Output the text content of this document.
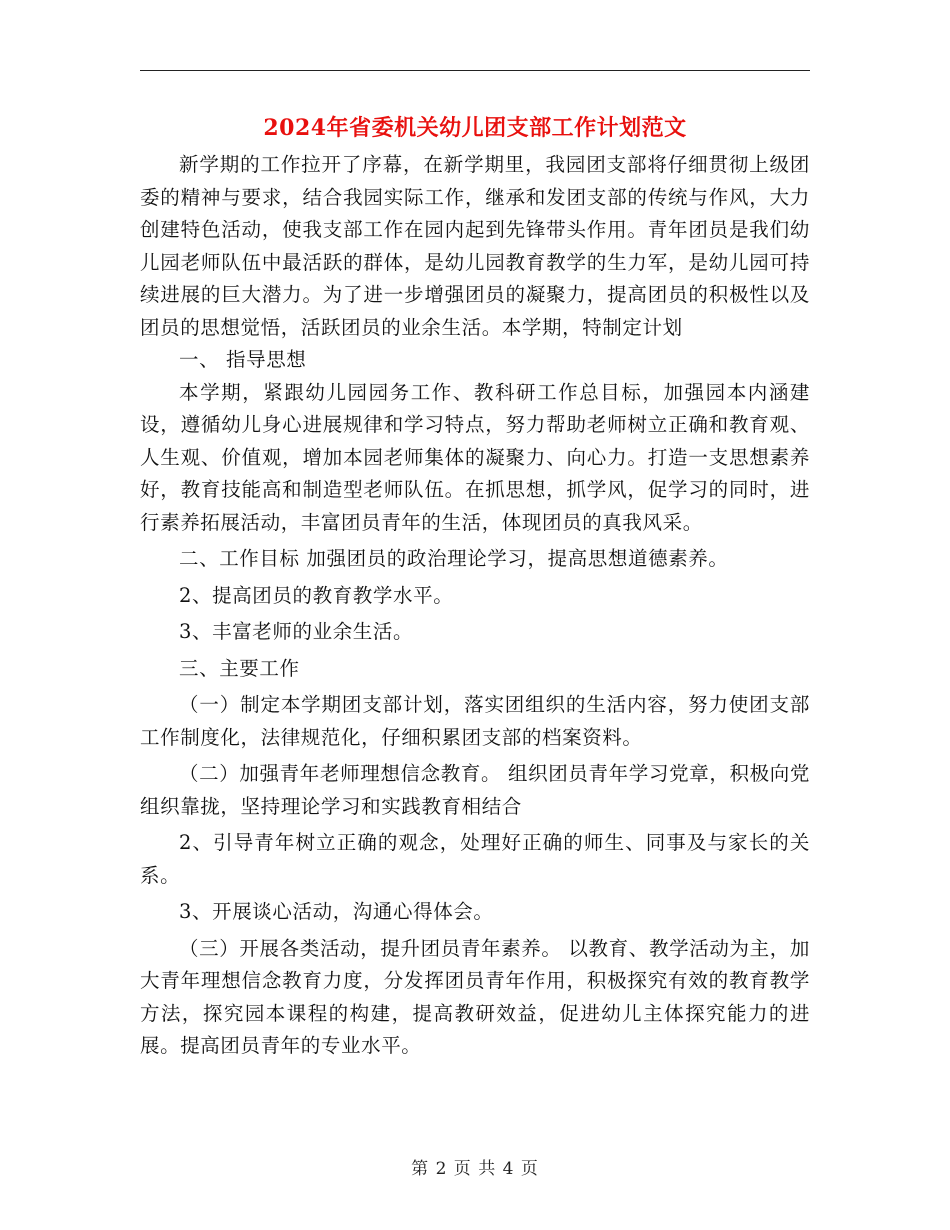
2024年省委机关幼儿团支部工作计划范文

新学期的工作拉开了序幕，在新学期里，我园团支部将仔细贯彻上级团委的精神与要求，结合我园实际工作，继承和发团支部的传统与作风，大力创建特色活动，使我支部工作在园内起到先锋带头作用。青年团员是我们幼儿园老师队伍中最活跃的群体，是幼儿园教育教学的生力军，是幼儿园可持续进展的巨大潜力。为了进一步增强团员的凝聚力，提高团员的积极性以及团员的思想觉悟，活跃团员的业余生活。本学期，特制定计划

一、 指导思想

本学期，紧跟幼儿园园务工作、教科研工作总目标，加强园本内涵建设，遵循幼儿身心进展规律和学习特点，努力帮助老师树立正确和教育观、人生观、价值观，增加本园老师集体的凝聚力、向心力。打造一支思想素养好，教育技能高和制造型老师队伍。在抓思想，抓学风，促学习的同时，进行素养拓展活动，丰富团员青年的生活，体现团员的真我风采。

二、工作目标 加强团员的政治理论学习，提高思想道德素养。

2、提高团员的教育教学水平。

3、丰富老师的业余生活。

三、主要工作

（一）制定本学期团支部计划，落实团组织的生活内容，努力使团支部工作制度化，法律规范化，仔细积累团支部的档案资料。

（二）加强青年老师理想信念教育。 组织团员青年学习党章，积极向党组织靠拢，坚持理论学习和实践教育相结合

2、引导青年树立正确的观念，处理好正确的师生、同事及与家长的关系。

3、开展谈心活动，沟通心得体会。

（三）开展各类活动，提升团员青年素养。 以教育、教学活动为主，加大青年理想信念教育力度，分发挥团员青年作用，积极探究有效的教育教学方法，探究园本课程的构建，提高教研效益，促进幼儿主体探究能力的进展。提高团员青年的专业水平。

第 2 页 共 4 页
